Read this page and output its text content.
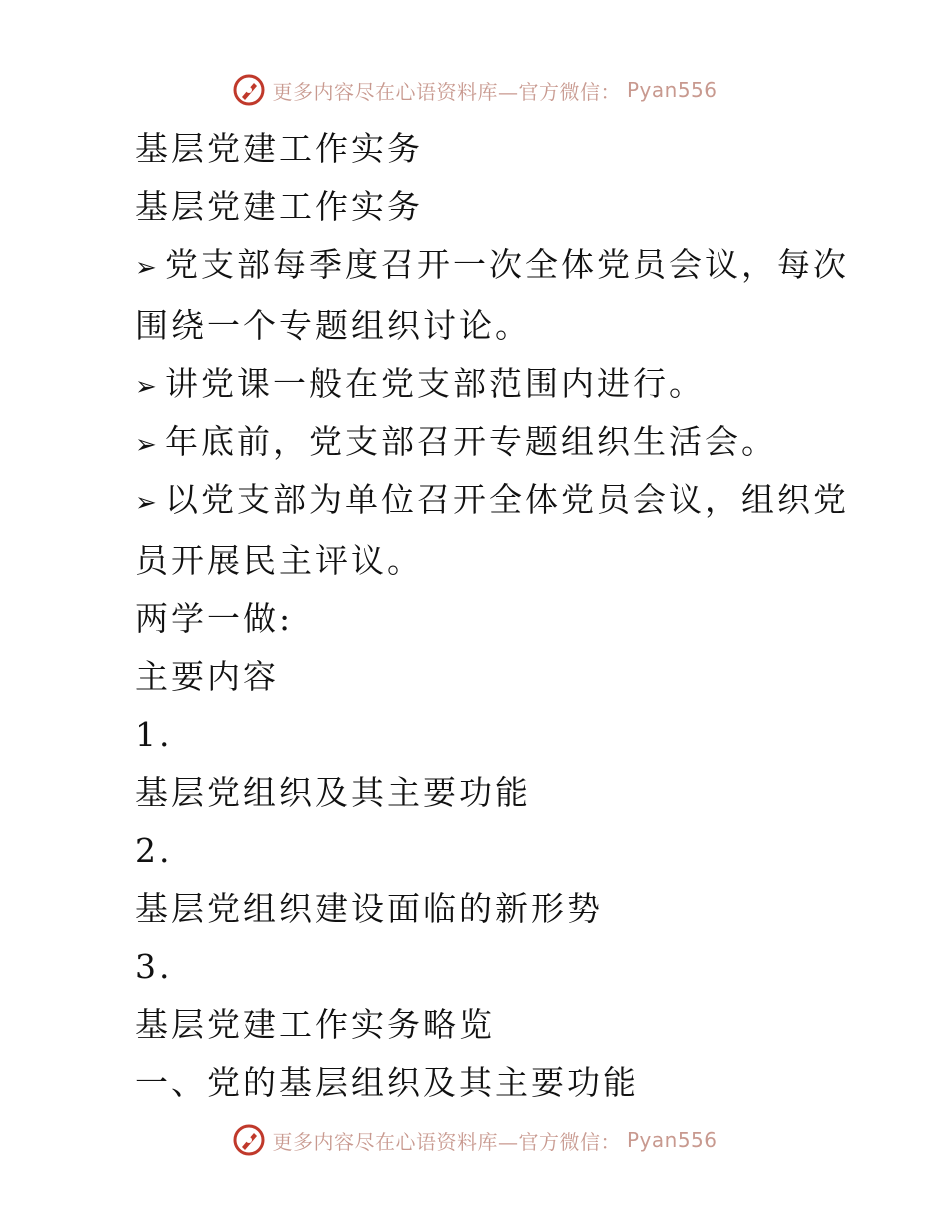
更多内容尽在心语资料库—官方微信： Pyan556
基层党建工作实务
基层党建工作实务
➢ 党支部每季度召开一次全体党员会议，每次围绕一个专题组织讨论。
➢ 讲党课一般在党支部范围内进行。
➢ 年底前，党支部召开专题组织生活会。
➢ 以党支部为单位召开全体党员会议，组织党员开展民主评议。
两学一做:
主要内容
1.
基层党组织及其主要功能
2.
基层党组织建设面临的新形势
3.
基层党建工作实务略览
一、党的基层组织及其主要功能
更多内容尽在心语资料库—官方微信： Pyan556
